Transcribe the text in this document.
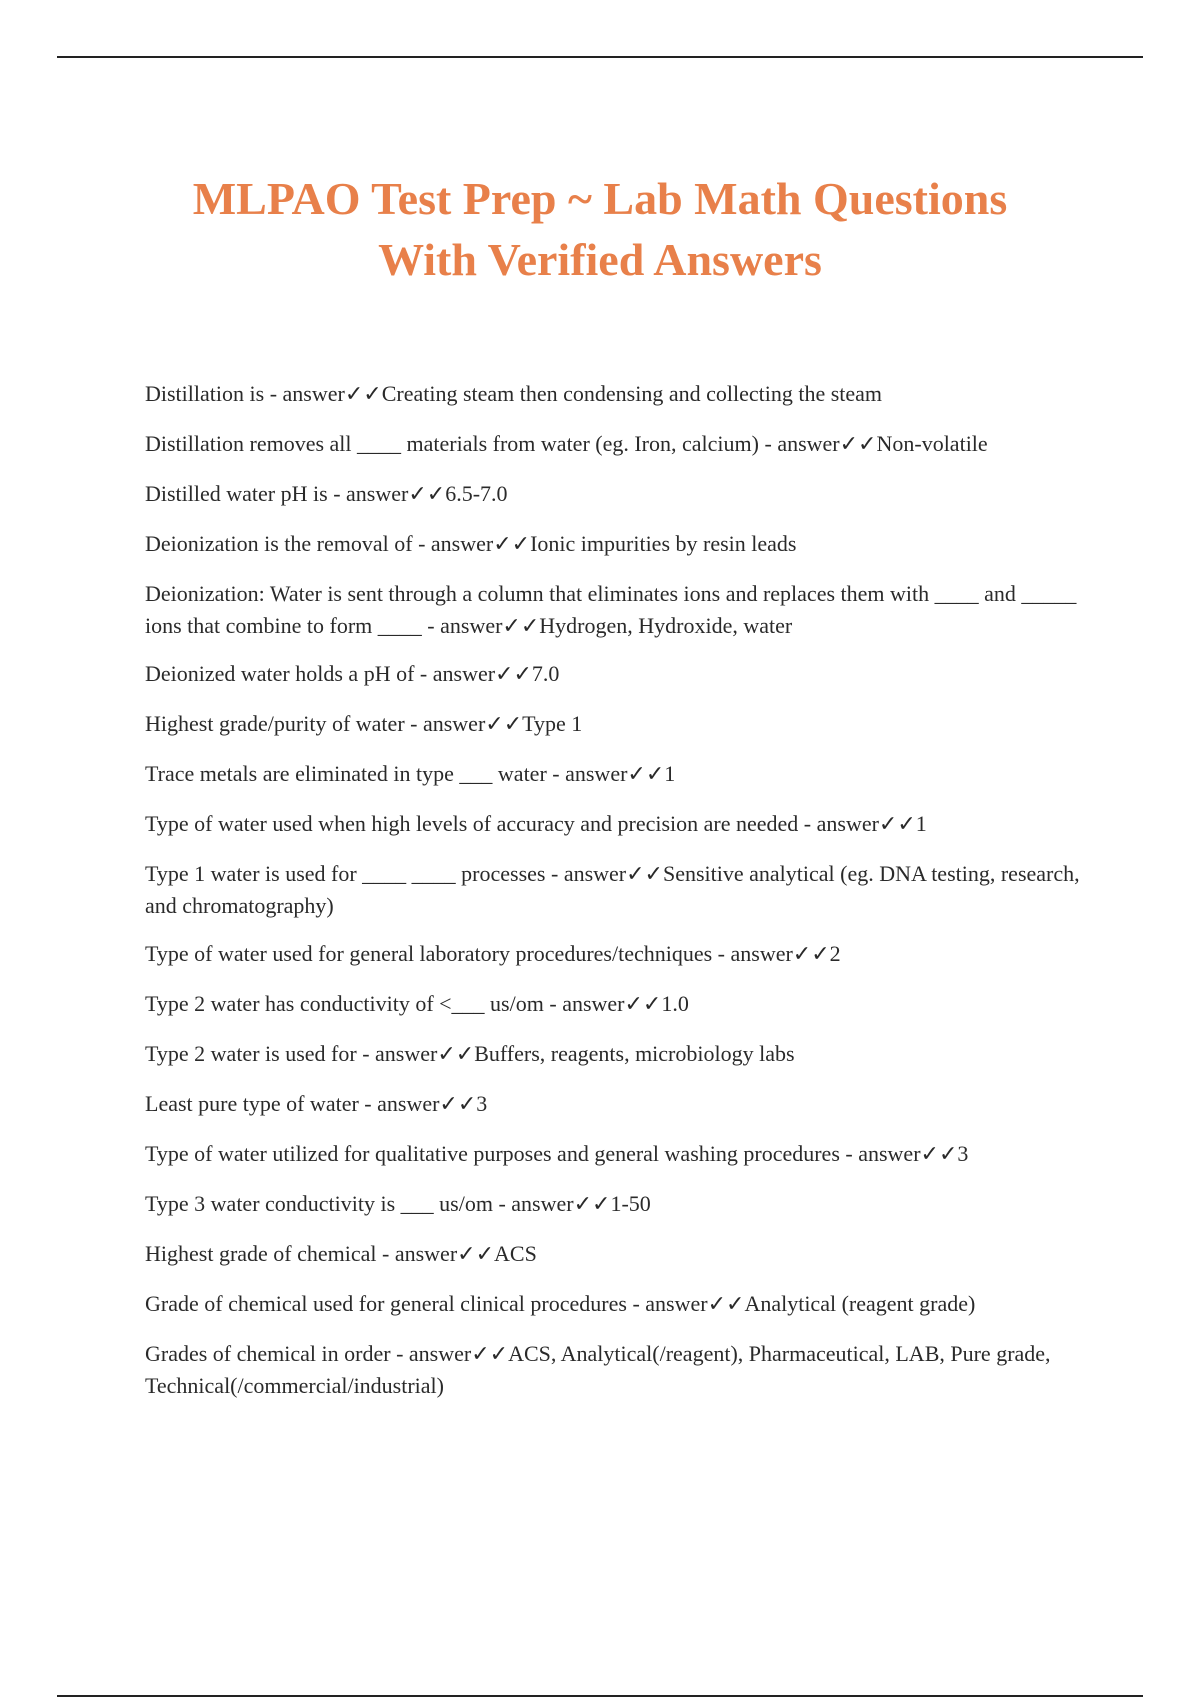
MLPAO Test Prep ~ Lab Math Questions
With Verified Answers
Distillation is - answer✓✓Creating steam then condensing and collecting the steam
Distillation removes all ____ materials from water (eg. Iron, calcium) - answer✓✓Non-volatile
Distilled water pH is - answer✓✓6.5-7.0
Deionization is the removal of - answer✓✓Ionic impurities by resin leads
Deionization: Water is sent through a column that eliminates ions and replaces them with ____ and _____ ions that combine to form ____ - answer✓✓Hydrogen, Hydroxide, water
Deionized water holds a pH of - answer✓✓7.0
Highest grade/purity of water - answer✓✓Type 1
Trace metals are eliminated in type ___ water - answer✓✓1
Type of water used when high levels of accuracy and precision are needed - answer✓✓1
Type 1 water is used for ____ ____ processes - answer✓✓Sensitive analytical (eg. DNA testing, research, and chromatography)
Type of water used for general laboratory procedures/techniques - answer✓✓2
Type 2 water has conductivity of <___ us/om - answer✓✓1.0
Type 2 water is used for - answer✓✓Buffers, reagents, microbiology labs
Least pure type of water - answer✓✓3
Type of water utilized for qualitative purposes and general washing procedures - answer✓✓3
Type 3 water conductivity is ___ us/om - answer✓✓1-50
Highest grade of chemical - answer✓✓ACS
Grade of chemical used for general clinical procedures - answer✓✓Analytical (reagent grade)
Grades of chemical in order - answer✓✓ACS, Analytical(/reagent), Pharmaceutical, LAB, Pure grade, Technical(/commercial/industrial)
